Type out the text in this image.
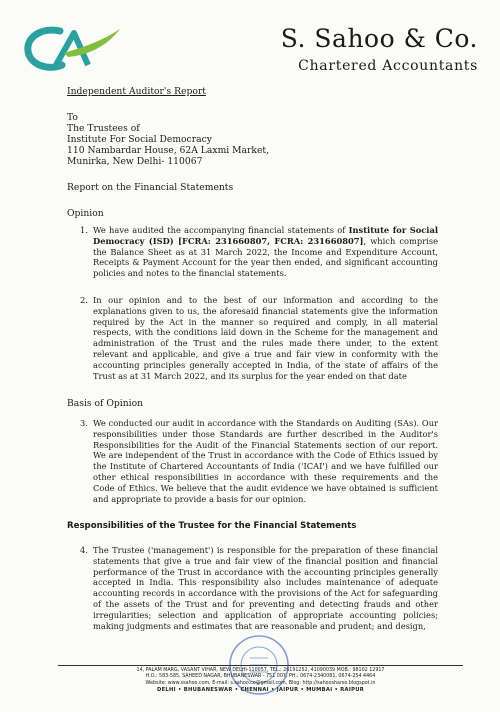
S. Sahoo & Co.
Chartered Accountants
Independent Auditor's Report
To
The Trustees of
Institute For Social Democracy
110 Nambardar House, 62A Laxmi Market,
Munirka, New Delhi- 110067
Report on the Financial Statements
Opinion
1. We have audited the accompanying financial statements of Institute for Social Democracy (ISD) [FCRA: 231660807, FCRA: 231660807], which comprise the Balance Sheet as at 31 March 2022, the Income and Expenditure Account, Receipts & Payment Account for the year then ended, and significant accounting policies and notes to the financial statements.
2. In our opinion and to the best of our information and according to the explanations given to us, the aforesaid financial statements give the information required by the Act in the manner so required and comply, in all material respects, with the conditions laid down in the Scheme for the management and administration of the Trust and the rules made there under, to the extent relevant and applicable, and give a true and fair view in conformity with the accounting principles generally accepted in India, of the state of affairs of the Trust as at 31 March 2022, and its surplus for the year ended on that date
Basis of Opinion
3. We conducted our audit in accordance with the Standards on Auditing (SAs). Our responsibilities under those Standards are further described in the Auditor's Responsibilities for the Audit of the Financial Statements section of our report. We are independent of the Trust in accordance with the Code of Ethics issued by the Institute of Chartered Accountants of India ('ICAI') and we have fulfilled our other ethical responsibilities in accordance with these requirements and the Code of Ethics. We believe that the audit evidence we have obtained is sufficient and appropriate to provide a basis for our opinion.
Responsibilities of the Trustee for the Financial Statements
4. The Trustee ('management') is responsible for the preparation of these financial statements that give a true and fair view of the financial position and financial performance of the Trust in accordance with the accounting principles generally accepted in India. This responsibility also includes maintenance of adequate accounting records in accordance with the provisions of the Act for safeguarding of the assets of the Trust and for preventing and detecting frauds and other irregularities; selection and application of appropriate accounting policies; making judgments and estimates that are reasonable and prudent; and design,
14, PALAM MARG, VASANT VIHAR, NEW DELHI-110057, TEL.: 26191252, 41090039 MOB.: 98102 12917
H.O.: 583-585, SAHEED NAGAR, BHUBANESWAR - 751 007, PH.: 0674-2340081, 0674-254 4464
Website: www.ssahoo.com, E-mail: s.sahoo.co@gmail.com, Blog: http://sahooshares.blogspot.in
DELHI • BHUBANESWAR • CHENNAI • JAIPUR • MUMBAI • RAIPUR
